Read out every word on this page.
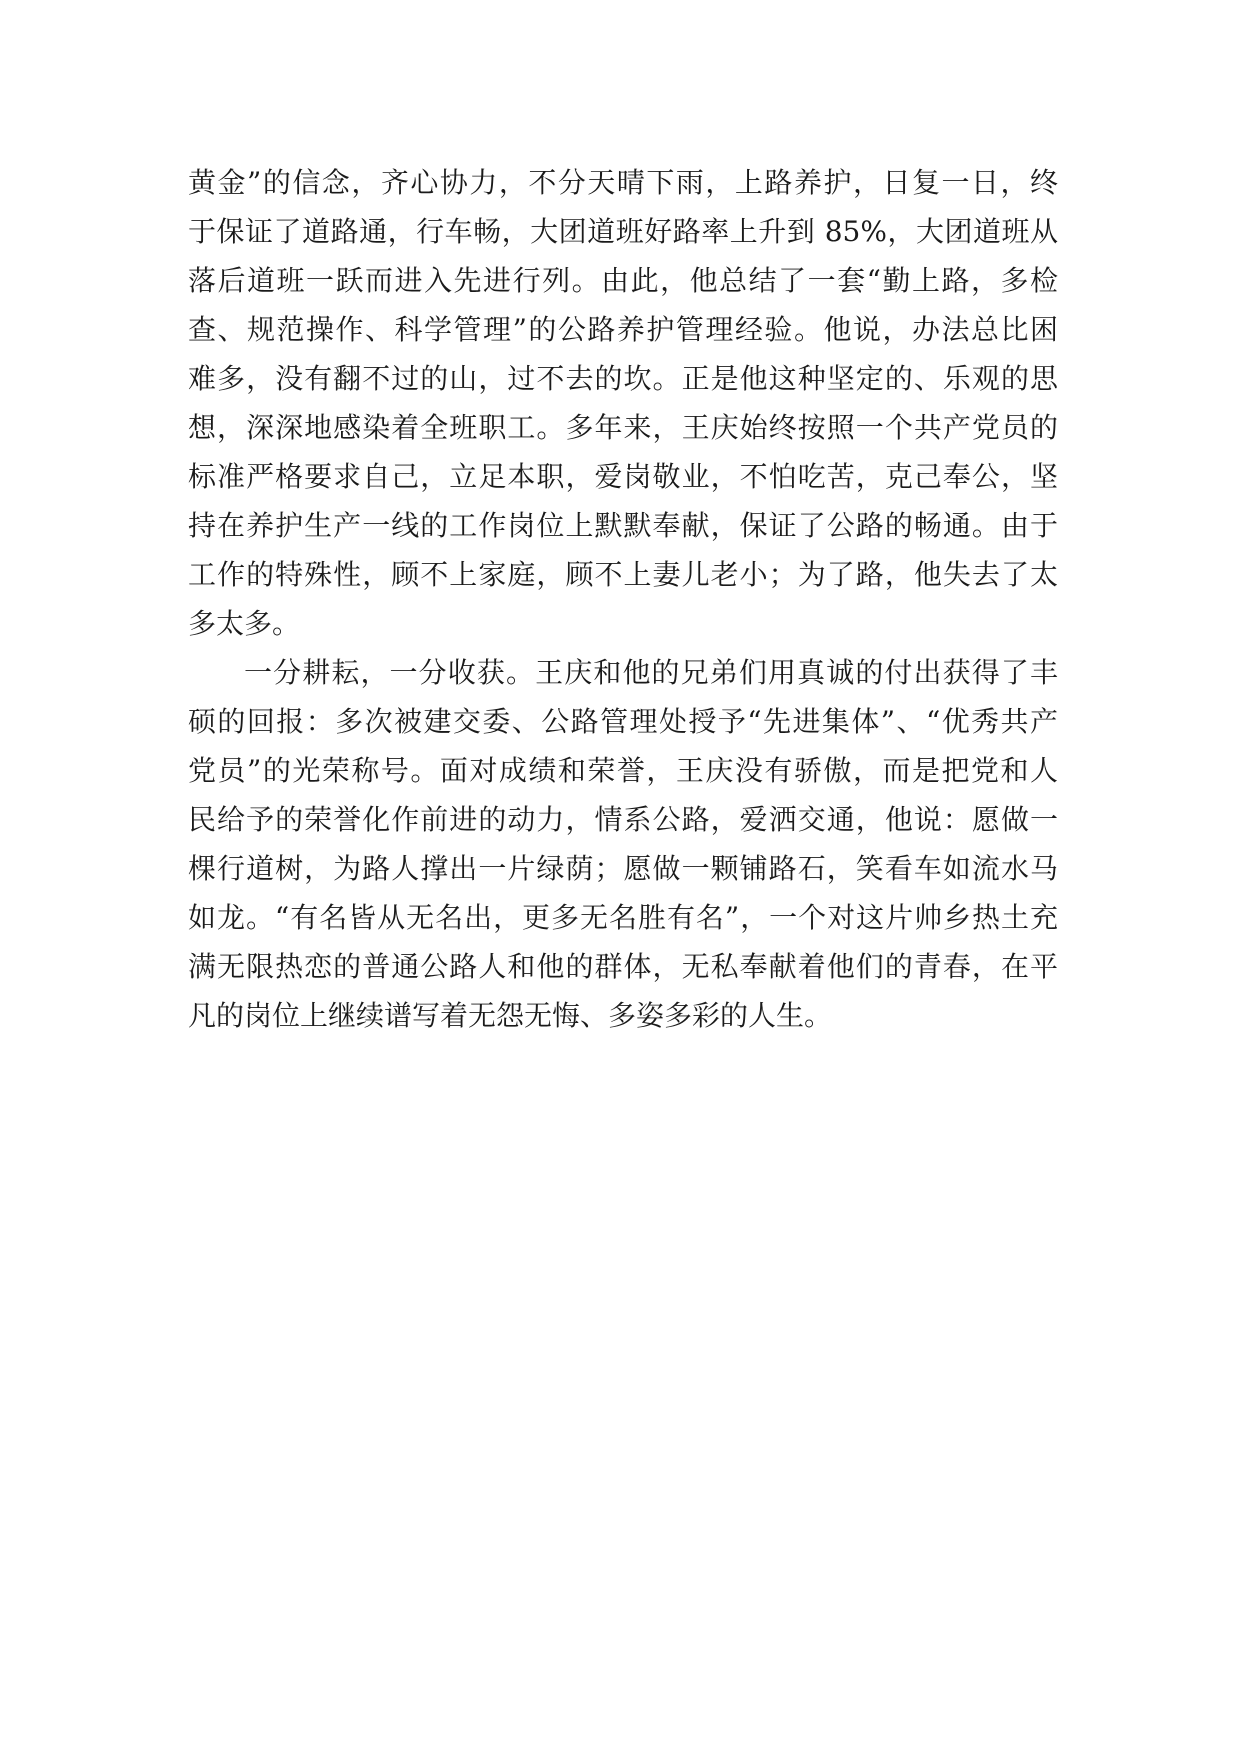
黄金”的信念，齐心协力，不分天晴下雨，上路养护，日复一日，终
于保证了道路通，行车畅，大团道班好路率上升到 85%，大团道班从
落后道班一跃而进入先进行列。由此，他总结了一套“勤上路，多检
查、规范操作、科学管理”的公路养护管理经验。他说，办法总比困
难多，没有翻不过的山，过不去的坎。正是他这种坚定的、乐观的思
想，深深地感染着全班职工。多年来，王庆始终按照一个共产党员的
标准严格要求自己，立足本职，爱岗敬业，不怕吃苦，克己奉公，坚
持在养护生产一线的工作岗位上默默奉献，保证了公路的畅通。由于
工作的特殊性，顾不上家庭，顾不上妻儿老小；为了路，他失去了太
多太多。
一分耕耘，一分收获。王庆和他的兄弟们用真诚的付出获得了丰
硕的回报：多次被建交委、公路管理处授予“先进集体”、“优秀共产
党员”的光荣称号。面对成绩和荣誉，王庆没有骄傲，而是把党和人
民给予的荣誉化作前进的动力，情系公路，爱洒交通，他说：愿做一
棵行道树，为路人撑出一片绿荫；愿做一颗铺路石，笑看车如流水马
如龙。“有名皆从无名出，更多无名胜有名”，一个对这片帅乡热土充
满无限热恋的普通公路人和他的群体，无私奉献着他们的青春，在平
凡的岗位上继续谱写着无怨无悔、多姿多彩的人生。
